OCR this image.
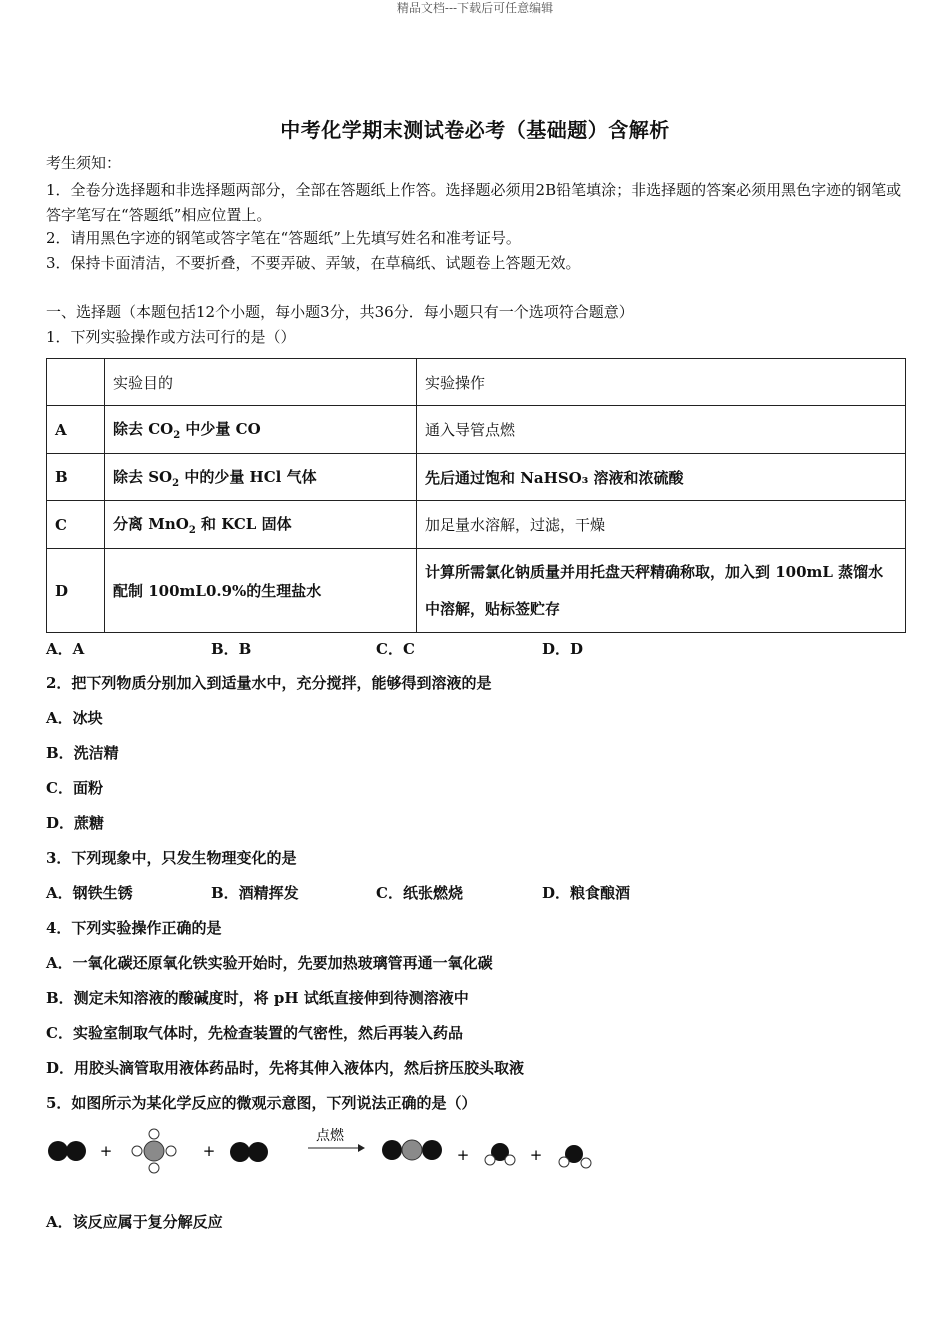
精品文档---下载后可任意编辑
中考化学期末测试卷必考（基础题）含解析
考生须知：
1．全卷分选择题和非选择题两部分，全部在答题纸上作答。选择题必须用2B铅笔填涂；非选择题的答案必须用黑色字迹的钢笔或答字笔写在“答题纸”相应位置上。
2．请用黑色字迹的钢笔或答字笔在“答题纸”上先填写姓名和准考证号。
3．保持卡面清洁，不要折叠，不要弄破、弄皱，在草稿纸、试题卷上答题无效。
一、选择题（本题包括12个小题，每小题3分，共36分．每小题只有一个选项符合题意）
1．下列实验操作或方法可行的是（）
	实验目的	实验操作
A	除去 $CO_2$ 中少量 CO	通入导管点燃
B	除去 $SO_2$ 中的少量 HCl 气体	先后通过饱和 NaHSO₃ 溶液和浓硫酸
C	分离 MnO$_2$ 和 KCL 固体	加足量水溶解，过滤，干燥
D	配制 100mL0.9%的生理盐水	计算所需氯化钠质量并用托盘天秤精确称取，加入到 100mL 蒸馏水中溶解，贴标签贮存
A．A	B．B	C．C	D．D
2．把下列物质分别加入到适量水中，充分搅拌，能够得到溶液的是
A．冰块
B．洗洁精
C．面粉
D．蔗糖
3．下列现象中，只发生物理变化的是
A．钢铁生锈	B．酒精挥发	C．纸张燃烧	D．粮食酿酒
4．下列实验操作正确的是
A．一氧化碳还原氧化铁实验开始时，先要加热玻璃管再通一氧化碳
B．测定未知溶液的酸碱度时，将 pH 试纸直接伸到待测溶液中
C．实验室制取气体时，先检查装置的气密性，然后再装入药品
D．用胶头滴管取用液体药品时，先将其伸入液体内，然后挤压胶头取液
5．如图所示为某化学反应的微观示意图，下列说法正确的是（）
+	+
点燃
+	+
A．该反应属于复分解反应
